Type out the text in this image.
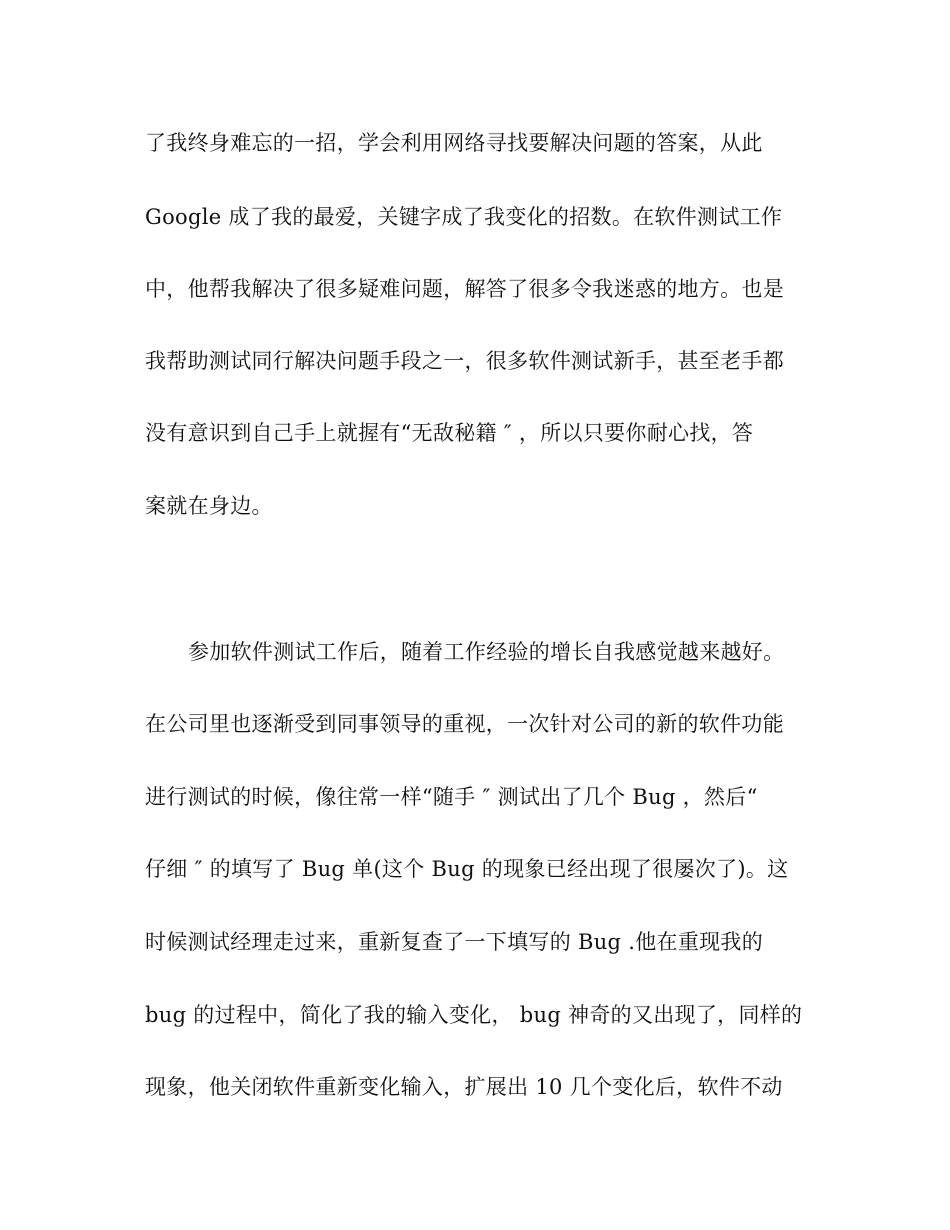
了我终身难忘的一招，学会利用网络寻找要解决问题的答案，从此
Google 成了我的最爱，关键字成了我变化的招数。在软件测试工作
中，他帮我解决了很多疑难问题，解答了很多令我迷惑的地方。也是
我帮助测试同行解决问题手段之一，很多软件测试新手，甚至老手都
没有意识到自己手上就握有“无敌秘籍 ″ ，所以只要你耐心找，答
案就在身边。
参加软件测试工作后，随着工作经验的增长自我感觉越来越好。
在公司里也逐渐受到同事领导的重视，一次针对公司的新的软件功能
进行测试的时候，像往常一样“随手 ″ 测试出了几个 Bug ，然后“
仔细 ″ 的填写了 Bug 单(这个 Bug 的现象已经出现了很屡次了)。这
时候测试经理走过来，重新复查了一下填写的 Bug .他在重现我的
bug 的过程中，简化了我的输入变化， bug 神奇的又出现了，同样的
现象，他关闭软件重新变化输入，扩展出 10 几个变化后，软件不动
